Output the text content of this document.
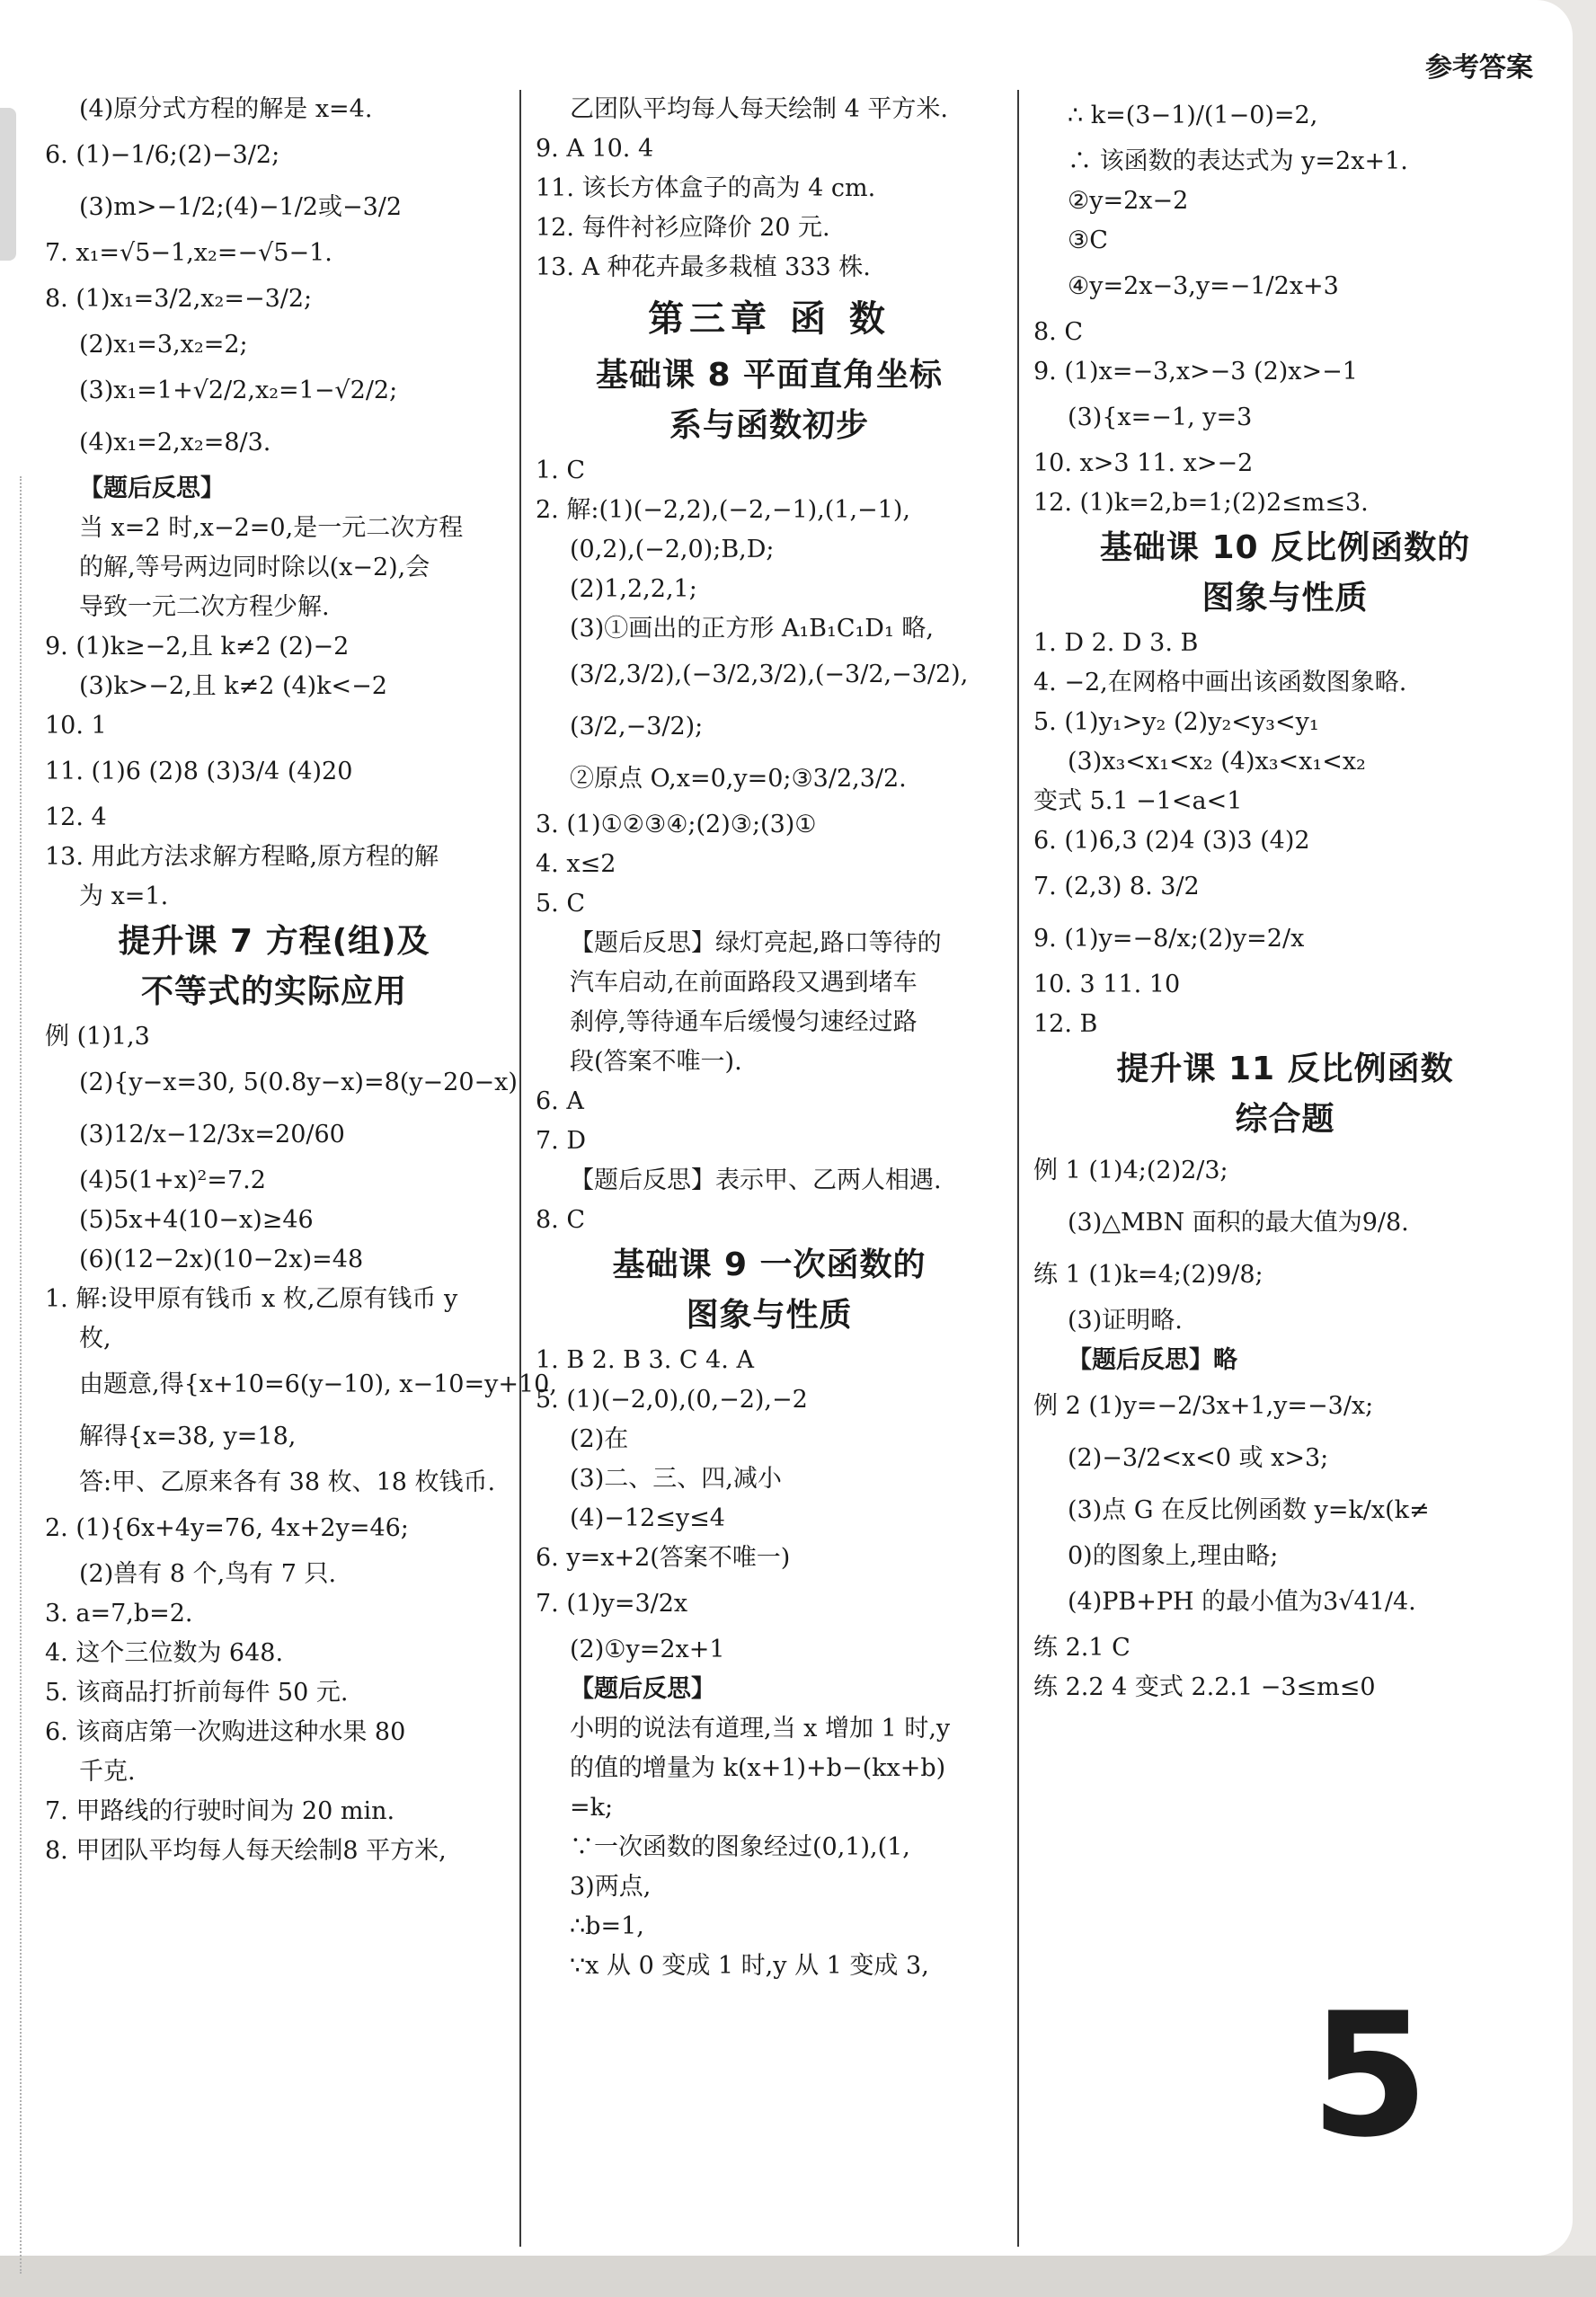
参考答案
(4)原分式方程的解是 x=4.
6. (1)−1/6;(2)−3/2;
(3)m>−1/2;(4)−1/2或−3/2
7. x₁=√5−1,x₂=−√5−1.
8. (1)x₁=3/2,x₂=−3/2;
(2)x₁=3,x₂=2;
(3)x₁=1+√2/2,x₂=1−√2/2;
(4)x₁=2,x₂=8/3.
【题后反思】
当 x=2 时,x−2=0,是一元二次方程
的解,等号两边同时除以(x−2),会
导致一元二次方程少解.
9. (1)k≥−2,且 k≠2 (2)−2
(3)k>−2,且 k≠2 (4)k<−2
10. 1
11. (1)6 (2)8 (3)3/4 (4)20
12. 4
13. 用此方法求解方程略,原方程的解
为 x=1.
提升课 7 方程(组)及
不等式的实际应用
例 (1)1,3
(2){y−x=30, 5(0.8y−x)=8(y−20−x)
(3)12/x−12/3x=20/60
(4)5(1+x)²=7.2
(5)5x+4(10−x)≥46
(6)(12−2x)(10−2x)=48
1. 解:设甲原有钱币 x 枚,乙原有钱币 y
枚,
由题意,得{x+10=6(y−10), x−10=y+10,
解得{x=38, y=18,
答:甲、乙原来各有 38 枚、18 枚钱币.
2. (1){6x+4y=76, 4x+2y=46;
(2)兽有 8 个,鸟有 7 只.
3. a=7,b=2.
4. 这个三位数为 648.
5. 该商品打折前每件 50 元.
6. 该商店第一次购进这种水果 80
千克.
7. 甲路线的行驶时间为 20 min.
8. 甲团队平均每人每天绘制8 平方米,
乙团队平均每人每天绘制 4 平方米.
9. A 10. 4
11. 该长方体盒子的高为 4 cm.
12. 每件衬衫应降价 20 元.
13. A 种花卉最多栽植 333 株.
第三章 函 数
基础课 8 平面直角坐标
系与函数初步
1. C
2. 解:(1)(−2,2),(−2,−1),(1,−1),
(0,2),(−2,0);B,D;
(2)1,2,2,1;
(3)①画出的正方形 A₁B₁C₁D₁ 略,
(3/2,3/2),(−3/2,3/2),(−3/2,−3/2),
(3/2,−3/2);
②原点 O,x=0,y=0;③3/2,3/2.
3. (1)①②③④;(2)③;(3)①
4. x≤2
5. C
【题后反思】绿灯亮起,路口等待的
汽车启动,在前面路段又遇到堵车
刹停,等待通车后缓慢匀速经过路
段(答案不唯一).
6. A
7. D
【题后反思】表示甲、乙两人相遇.
8. C
基础课 9 一次函数的
图象与性质
1. B 2. B 3. C 4. A
5. (1)(−2,0),(0,−2),−2
(2)在
(3)二、三、四,减小
(4)−12≤y≤4
6. y=x+2(答案不唯一)
7. (1)y=3/2x
(2)①y=2x+1
【题后反思】
小明的说法有道理,当 x 增加 1 时,y
的值的增量为 k(x+1)+b−(kx+b)
=k;
∵一次函数的图象经过(0,1),(1,
3)两点,
∴b=1,
∵x 从 0 变成 1 时,y 从 1 变成 3,
∴ k=(3−1)/(1−0)=2,
∴ 该函数的表达式为 y=2x+1.
②y=2x−2
③C
④y=2x−3,y=−1/2x+3
8. C
9. (1)x=−3,x>−3 (2)x>−1
(3){x=−1, y=3
10. x>3 11. x>−2
12. (1)k=2,b=1;(2)2≤m≤3.
基础课 10 反比例函数的
图象与性质
1. D 2. D 3. B
4. −2,在网格中画出该函数图象略.
5. (1)y₁>y₂ (2)y₂<y₃<y₁
(3)x₃<x₁<x₂ (4)x₃<x₁<x₂
变式 5.1 −1<a<1
6. (1)6,3 (2)4 (3)3 (4)2
7. (2,3) 8. 3/2
9. (1)y=−8/x;(2)y=2/x
10. 3 11. 10
12. B
提升课 11 反比例函数
综合题
例 1 (1)4;(2)2/3;
(3)△MBN 面积的最大值为9/8.
练 1 (1)k=4;(2)9/8;
(3)证明略.
【题后反思】略
例 2 (1)y=−2/3x+1,y=−3/x;
(2)−3/2<x<0 或 x>3;
(3)点 G 在反比例函数 y=k/x(k≠
0)的图象上,理由略;
(4)PB+PH 的最小值为3√41/4.
练 2.1 C
练 2.2 4 变式 2.2.1 −3≤m≤0
5
